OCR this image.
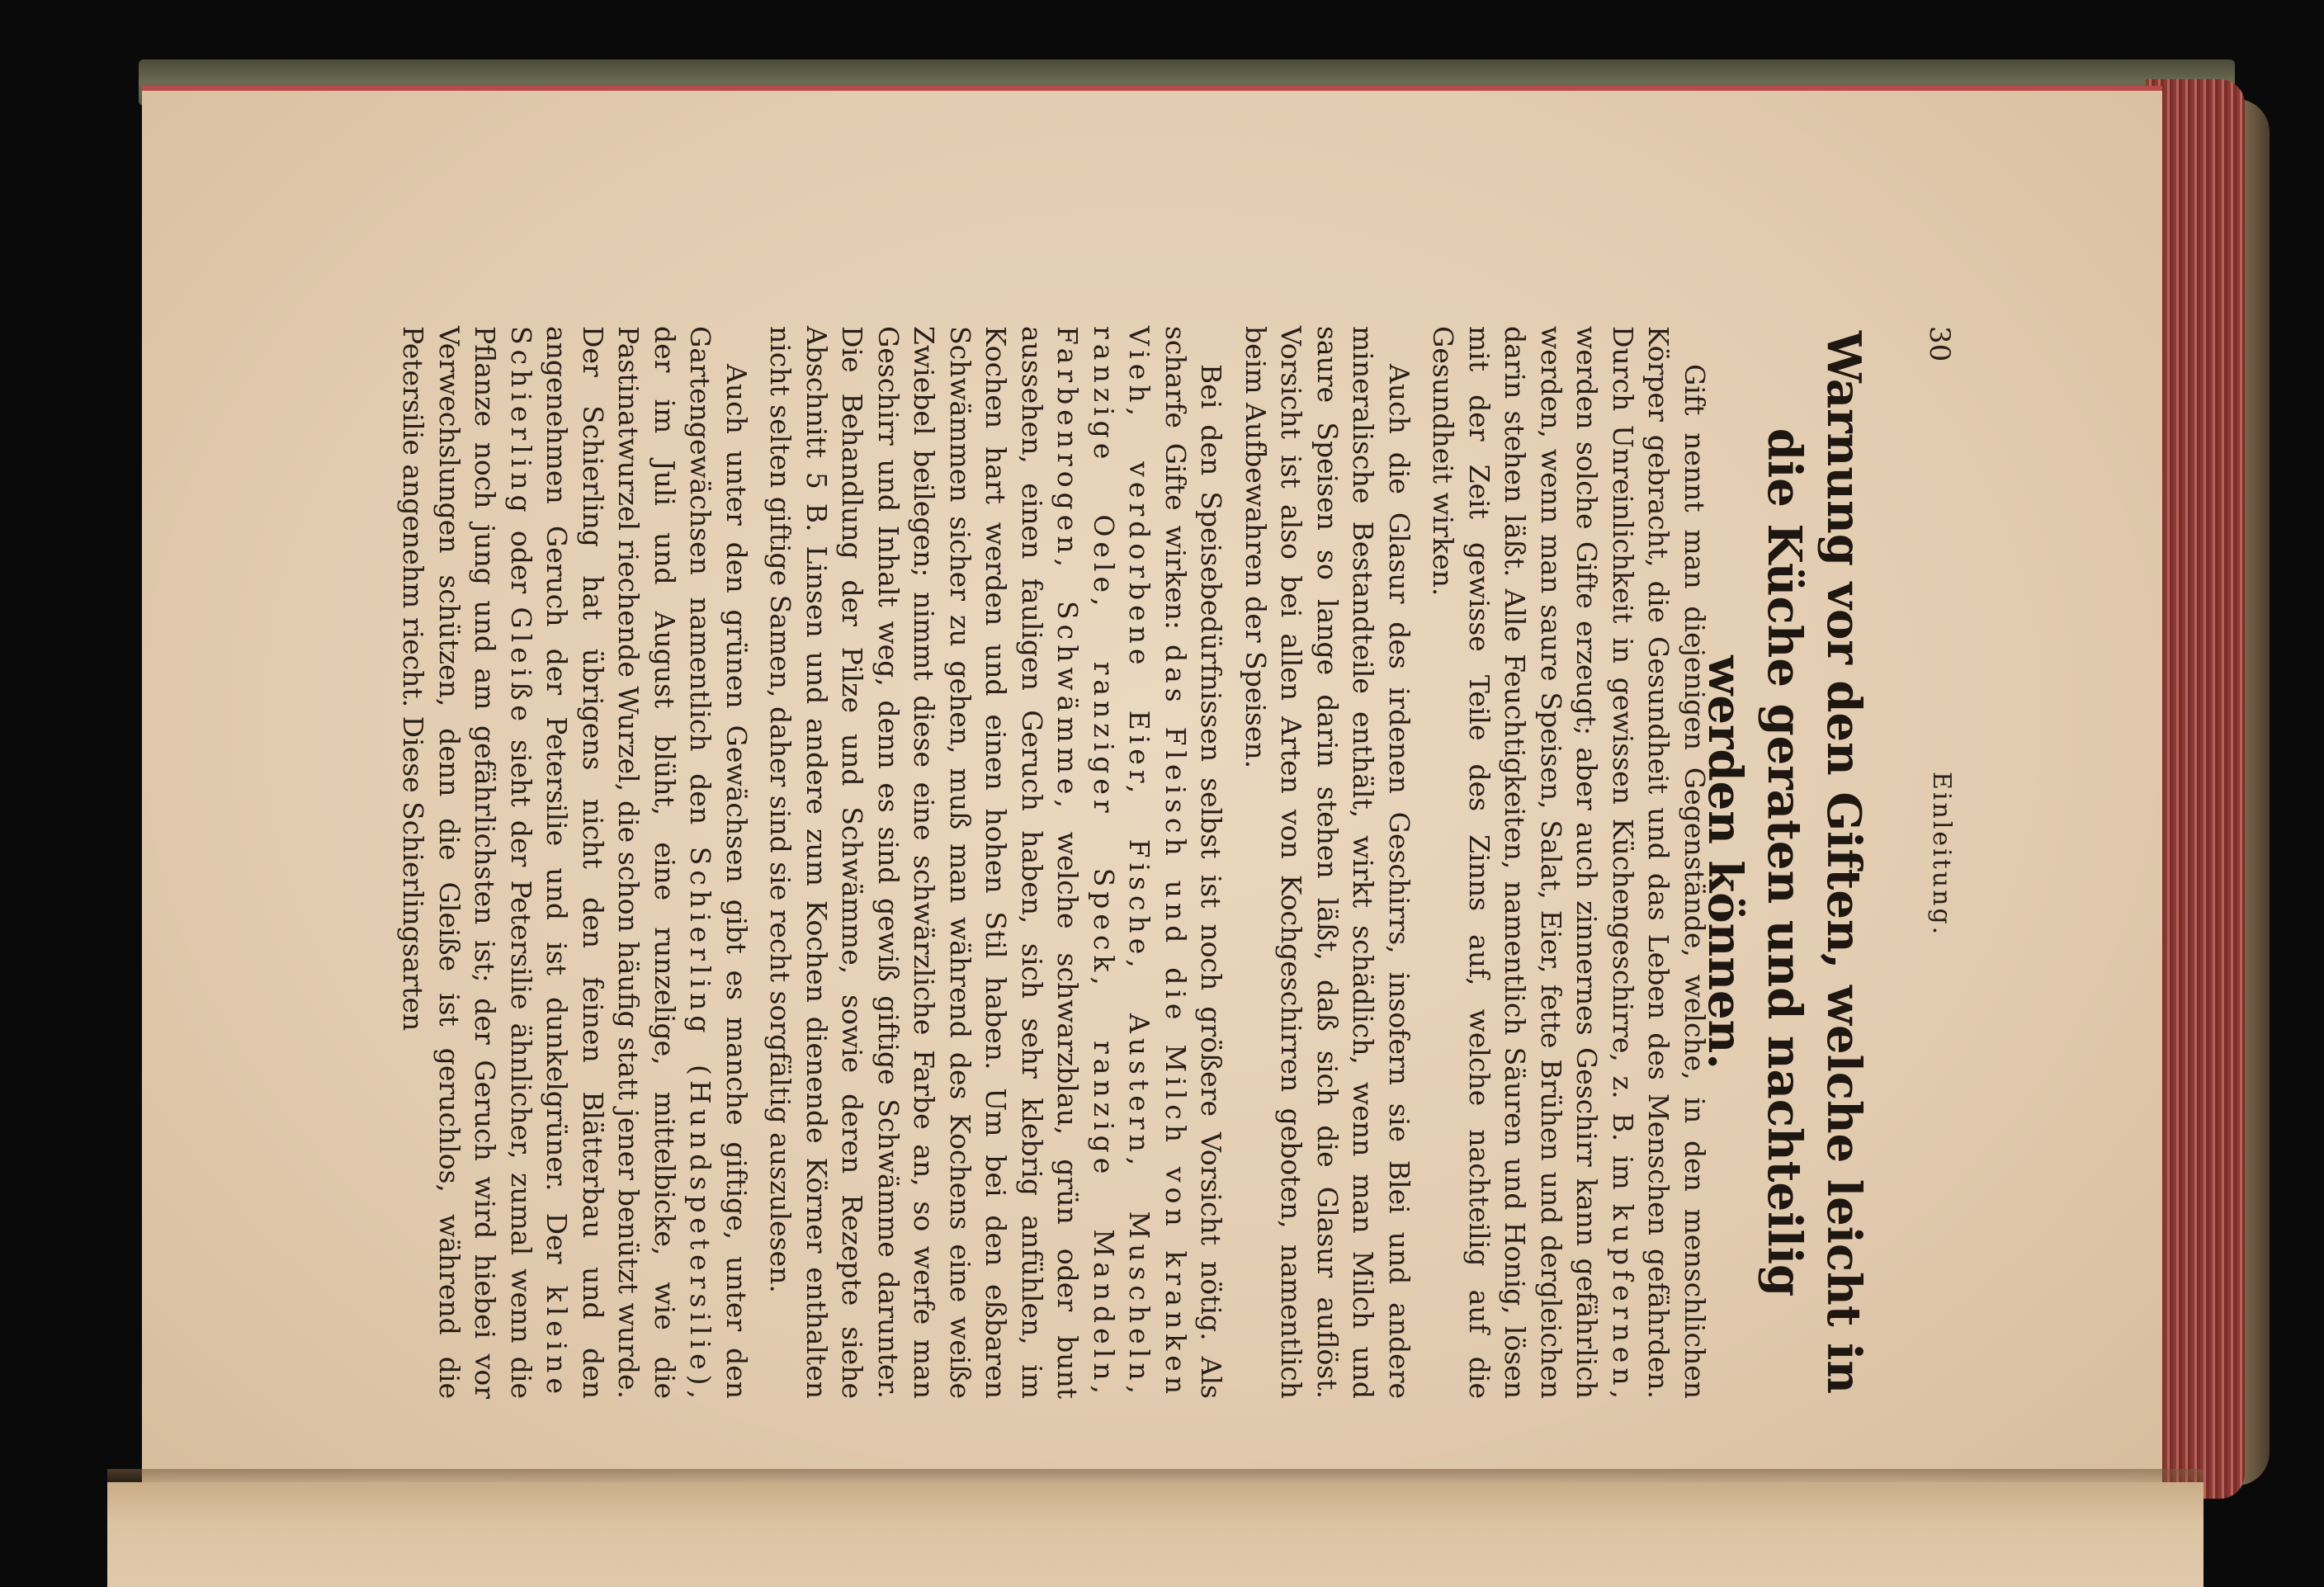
30
Einleitung.
Warnung vor den Giften, welche leicht in die Küche geraten und nachteilig werden können.

Gift nennt man diejenigen Gegenstände, welche, in den menschlichen Körper gebracht, die Gesundheit und das Leben des Menschen gefährden. Durch Unreinlichkeit in gewissen Küchengeschirre, z. B. im kupfernen, werden solche Gifte erzeugt; aber auch zinnernes Geschirr kann gefährlich werden, wenn man saure Speisen, Salat, Eier, fette Brühen und dergleichen darin stehen läßt. Alle Feuchtigkeiten, namentlich Säuren und Honig, lösen mit der Zeit gewisse Teile des Zinns auf, welche nachteilig auf die Gesundheit wirken.

Auch die Glasur des irdenen Geschirrs, insofern sie Blei und andere mineralische Bestandteile enthält, wirkt schädlich, wenn man Milch und saure Speisen so lange darin stehen läßt, daß sich die Glasur auflöst. Vorsicht ist also bei allen Arten von Kochgeschirren geboten, namentlich beim Aufbewahren der Speisen.

Bei den Speisebedürfnissen selbst ist noch größere Vorsicht nötig. Als scharfe Gifte wirken: das Fleisch und die Milch von kranken Vieh, verdorbene Eier, Fische, Austern, Muscheln, ranzige Oele, ranziger Speck, ranzige Mandeln, Farbenrogen, Schwämme, welche schwarzblau, grün oder bunt aussehen, einen fauligen Geruch haben, sich sehr klebrig anfühlen, im Kochen hart werden und einen hohen Stil haben. Um bei den eßbaren Schwämmen sicher zu gehen, muß man während des Kochens eine weiße Zwiebel beilegen; nimmt diese eine schwärzliche Farbe an, so werfe man Geschirr und Inhalt weg, denn es sind gewiß giftige Schwämme darunter. Die Behandlung der Pilze und Schwämme, sowie deren Rezepte siehe Abschnitt 5 B. Linsen und andere zum Kochen dienende Körner enthalten nicht selten giftige Samen, daher sind sie recht sorgfältig auszulesen.

Auch unter den grünen Gewächsen gibt es manche giftige, unter den Gartengewächsen namentlich den Schierling (Hundspetersilie), der im Juli und August blüht, eine runzelige, mittelbicke, wie die Pastinatwurzel riechende Wurzel, die schon häufig statt jener benützt wurde. Der Schierling hat übrigens nicht den feinen Blätterbau und den angenehmen Geruch der Petersilie und ist dunkelgrüner. Der kleine Schierling oder Gleiße sieht der Petersilie ähnlicher, zumal wenn die Pflanze noch jung und am gefährlichsten ist; der Geruch wird hiebei vor Verwechslungen schützen, denn die Gleiße ist geruchlos, während die Petersilie angenehm riecht. Diese Schierlingsarten
